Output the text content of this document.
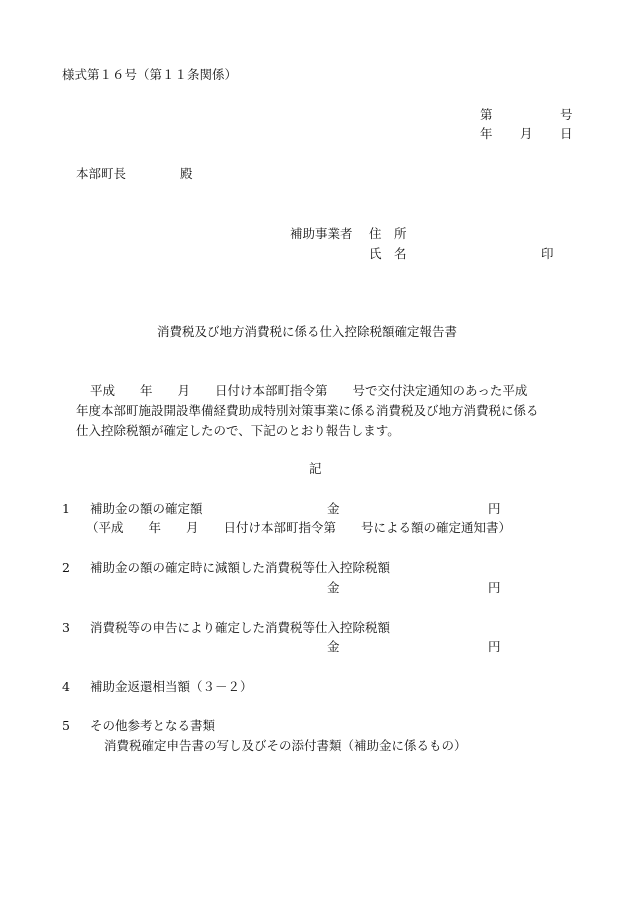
様式第１６号（第１１条関係）
第	号
年 月 日
本部町長	殿
補助事業者 住　所
氏　名	印
消費税及び地方消費税に係る仕入控除税額確定報告書
平成　　年　　月　　日付け本部町指令第　　号で交付決定通知のあった平成
年度本部町施設開設準備経費助成特別対策事業に係る消費税及び地方消費税に係る
仕入控除税額が確定したので、下記のとおり報告します。
記
1 補助金の額の確定額	金	円
（平成　　年　　月　　日付け本部町指令第　　号による額の確定通知書）
2 補助金の額の確定時に減額した消費税等仕入控除税額
金	円
3 消費税等の申告により確定した消費税等仕入控除税額
金	円
4 補助金返還相当額（３－２）
5 その他参考となる書類
消費税確定申告書の写し及びその添付書類（補助金に係るもの）
